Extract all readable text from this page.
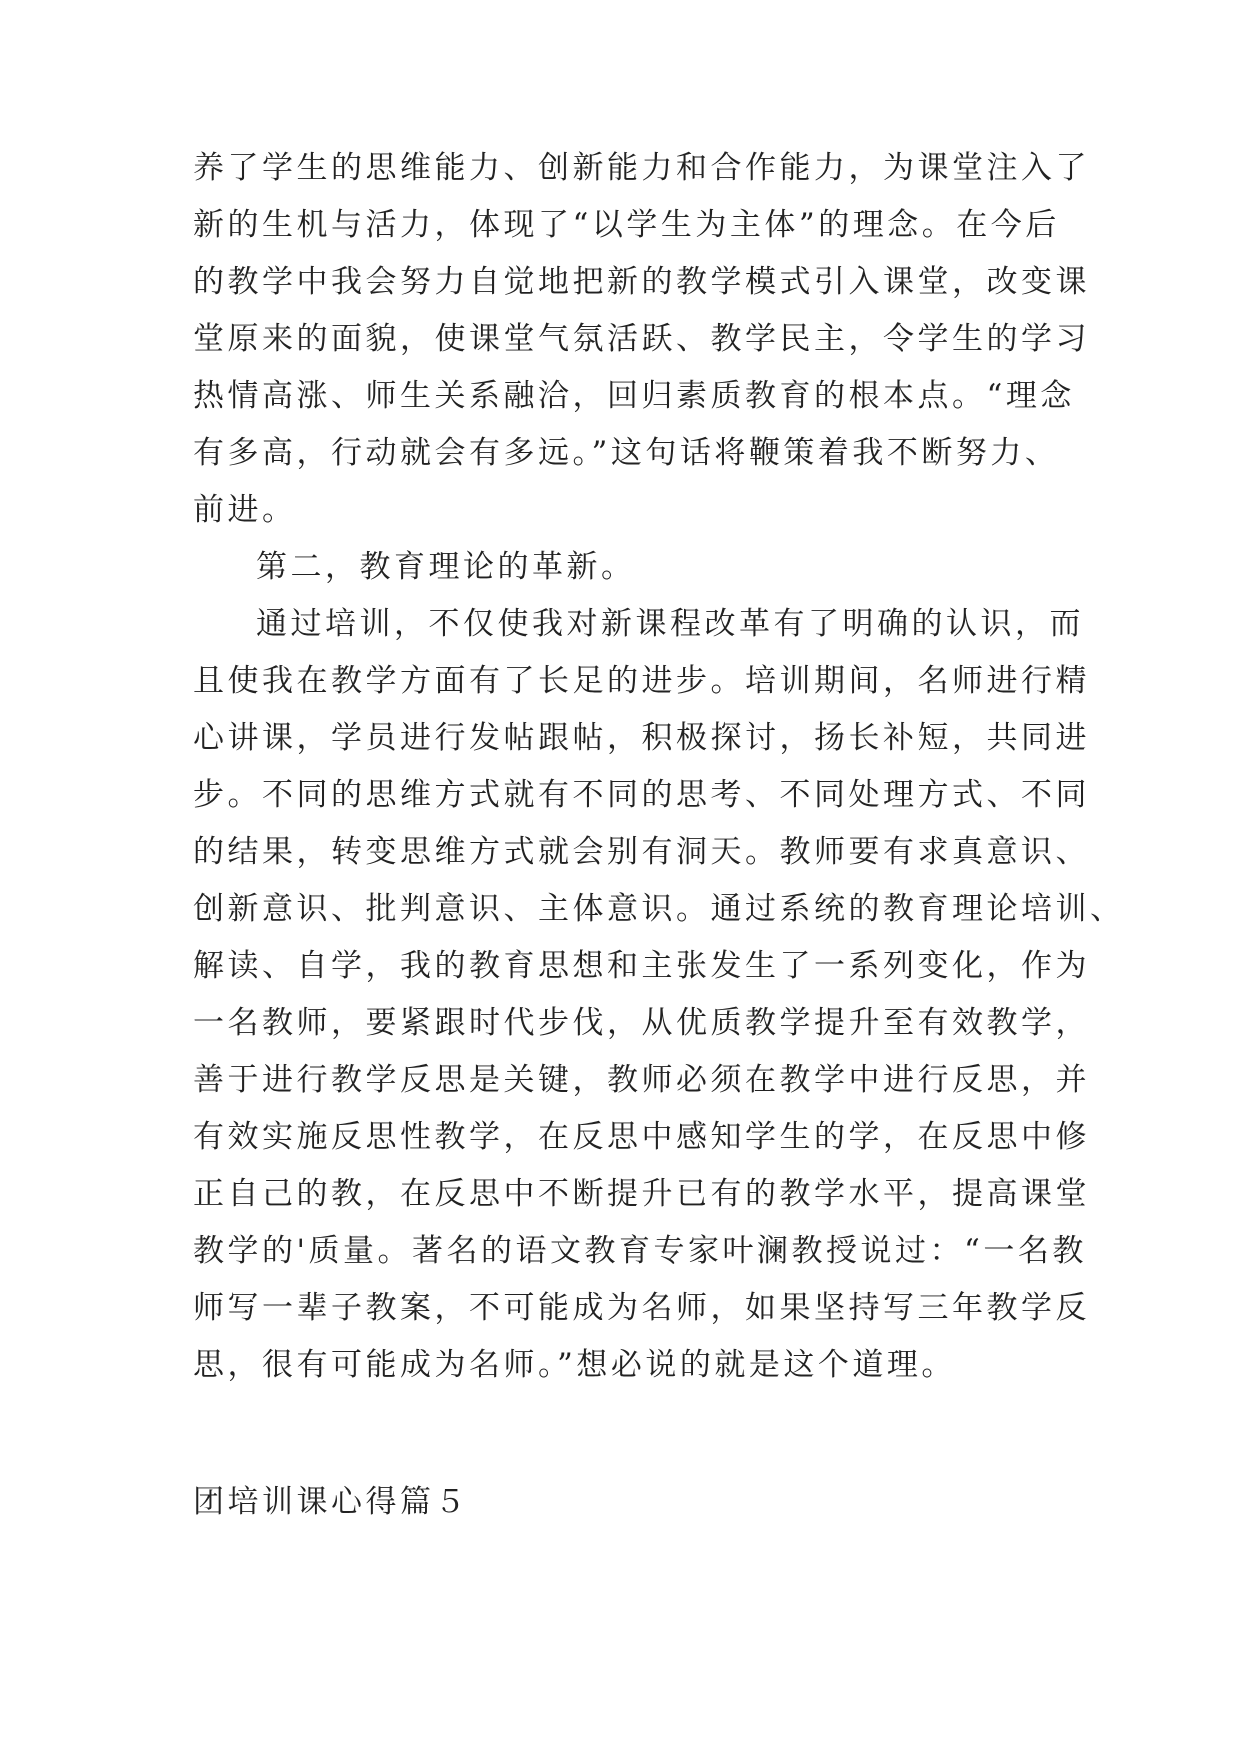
养了学生的思维能力、创新能力和合作能力，为课堂注入了
新的生机与活力，体现了“以学生为主体”的理念。在今后
的教学中我会努力自觉地把新的教学模式引入课堂，改变课
堂原来的面貌，使课堂气氛活跃、教学民主，令学生的学习
热情高涨、师生关系融洽，回归素质教育的根本点。“理念
有多高，行动就会有多远。”这句话将鞭策着我不断努力、
前进。
第二，教育理论的革新。
通过培训，不仅使我对新课程改革有了明确的认识，而
且使我在教学方面有了长足的进步。培训期间，名师进行精
心讲课，学员进行发帖跟帖，积极探讨，扬长补短，共同进
步。不同的思维方式就有不同的思考、不同处理方式、不同
的结果，转变思维方式就会别有洞天。教师要有求真意识、
创新意识、批判意识、主体意识。通过系统的教育理论培训、
解读、自学，我的教育思想和主张发生了一系列变化，作为
一名教师，要紧跟时代步伐，从优质教学提升至有效教学，
善于进行教学反思是关键，教师必须在教学中进行反思，并
有效实施反思性教学，在反思中感知学生的学，在反思中修
正自己的教，在反思中不断提升已有的教学水平，提高课堂
教学的'质量。著名的语文教育专家叶澜教授说过：“一名教
师写一辈子教案，不可能成为名师，如果坚持写三年教学反
思，很有可能成为名师。”想必说的就是这个道理。
团培训课心得篇５
